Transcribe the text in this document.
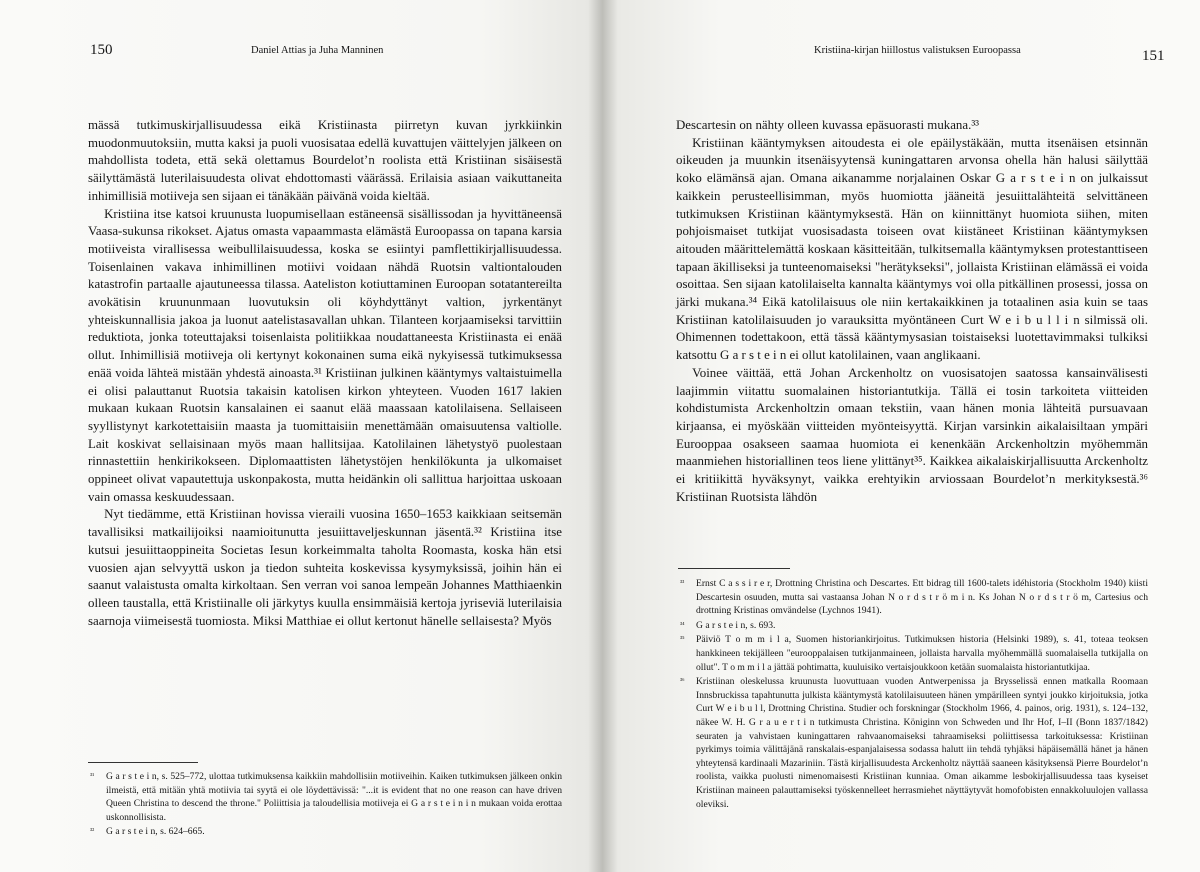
150	Daniel Attias ja Juha Manninen

mässä tutkimuskirjallisuudessa eikä Kristiinasta piirretyn kuvan jyrkkiinkin muodonmuutoksiin, mutta kaksi ja puoli vuosisataa edellä kuvattujen väittelyjen jälkeen on mahdollista todeta, että sekä olettamus Bourdelot’n roolista että Kristiinan sisäisestä säilyttämästä luterilaisuudesta olivat ehdottomasti väärässä. Erilaisia asiaan vaikuttaneita inhimillisiä motiiveja sen sijaan ei tänäkään päivänä voida kieltää.

Kristiina itse katsoi kruunusta luopumisellaan estäneensä sisällissodan ja hyvittäneensä Vaasa-sukunsa rikokset. Ajatus omasta vapaammasta elämästä Euroopassa on tapana karsia motiiveista virallisessa weibullilaisuudessa, koska se esiintyi pamflettikirjallisuudessa. Toisenlainen vakava inhimillinen motiivi voidaan nähdä Ruotsin valtiontalouden katastrofin partaalle ajautuneessa tilassa. Aateliston kotiuttaminen Euroopan sotatantereilta avokätisin kruununmaan luovutuksin oli köyhdyttänyt valtion, jyrkentänyt yhteiskunnallisia jakoa ja luonut aatelistasavallan uhkan. Tilanteen korjaamiseksi tarvittiin reduktiota, jonka toteuttajaksi toisenlaista politiikkaa noudattaneesta Kristiinasta ei enää ollut. Inhimillisiä motiiveja oli kertynyt kokonainen suma eikä nykyisessä tutkimuksessa enää voida lähteä mistään yhdestä ainoasta.³¹ Kristiinan julkinen kääntymys valtaistuimella ei olisi palauttanut Ruotsia takaisin katolisen kirkon yhteyteen. Vuoden 1617 lakien mukaan kukaan Ruotsin kansalainen ei saanut elää maassaan katolilaisena. Sellaiseen syyllistynyt karkotettaisiin maasta ja tuomittaisiin menettämään omaisuutensa valtiolle. Lait koskivat sellaisinaan myös maan hallitsijaa. Katolilainen lähetystyö puolestaan rinnastettiin henkirikokseen. Diplomaattisten lähetystöjen henkilökunta ja ulkomaiset oppineet olivat vapautettuja uskonpakosta, mutta heidänkin oli sallittua harjoittaa uskoaan vain omassa keskuudessaan.

Nyt tiedämme, että Kristiinan hovissa vieraili vuosina 1650–1653 kaikkiaan seitsemän tavallisiksi matkailijoiksi naamioitunutta jesuiittaveljeskunnan jäsentä.³² Kristiina itse kutsui jesuiittaoppineita Societas Iesun korkeimmalta taholta Roomasta, koska hän etsi vuosien ajan selvyyttä uskon ja tiedon suhteita koskevissa kysymyksissä, joihin hän ei saanut valaistusta omalta kirkoltaan. Sen verran voi sanoa lempeän Johannes Matthiaenkin olleen taustalla, että Kristiinalle oli järkytys kuulla ensimmäisiä kertoja jyriseviä luterilaisia saarnoja viimeisestä tuomiosta. Miksi Matthiae ei ollut kertonut hänelle sellaisesta? Myös

³¹ G a r s t e i n, s. 525–772, ulottaa tutkimuksensa kaikkiin mahdollisiin motiiveihin. Kaiken tutkimuksen jälkeen onkin ilmeistä, että mitään yhtä motiivia tai syytä ei ole löydettävissä: "...it is evident that no one reason can have driven Queen Christina to descend the throne." Poliittisia ja taloudellisia motiiveja ei G a r s t e i n i n mukaan voida erottaa uskonnollisista.
³² G a r s t e i n, s. 624–665.
Kristiina-kirjan hiillostus valistuksen Euroopassa	151

Descartesin on nähty olleen kuvassa epäsuorasti mukana.³³

Kristiinan kääntymyksen aitoudesta ei ole epäilystäkään, mutta itsenäisen etsinnän oikeuden ja muunkin itsenäisyytensä kuningattaren arvonsa ohella hän halusi säilyttää koko elämänsä ajan. Omana aikanamme norjalainen Oskar G a r s t e i n on julkaissut kaikkein perusteellisimman, myös huomiotta jääneitä jesuiittalähteitä selvittäneen tutkimuksen Kristiinan kääntymyksestä. Hän on kiinnittänyt huomiota siihen, miten pohjoismaiset tutkijat vuosisadasta toiseen ovat kiistäneet Kristiinan kääntymyksen aitouden määrittelemättä koskaan käsitteitään, tulkitsemalla kääntymyksen protestanttiseen tapaan äkilliseksi ja tunteenomaiseksi "herätykseksi", jollaista Kristiinan elämässä ei voida osoittaa. Sen sijaan katolilaiselta kannalta kääntymys voi olla pitkällinen prosessi, jossa on järki mukana.³⁴ Eikä katolilaisuus ole niin kertakaikkinen ja totaalinen asia kuin se taas Kristiinan katolilaisuuden jo varauksitta myöntäneen Curt W e i b u l l i n silmissä oli. Ohimennen todettakoon, että tässä kääntymysasian toistaiseksi luotettavimmaksi tulkiksi katsottu G a r s t e i n ei ollut katolilainen, vaan anglikaani.

Voinee väittää, että Johan Arckenholtz on vuosisatojen saatossa kansainvälisesti laajimmin viitattu suomalainen historiantutkija. Tällä ei tosin tarkoiteta viitteiden kohdistumista Arckenholtzin omaan tekstiin, vaan hänen monia lähteitä pursuavaan kirjaansa, ei myöskään viitteiden myönteisyyttä. Kirjan varsinkin aikalaisiltaan ympäri Eurooppaa osakseen saamaa huomiota ei kenenkään Arckenholtzin myöhemmän maanmiehen historiallinen teos liene ylittänyt³⁵. Kaikkea aikalaiskirjallisuutta Arckenholtz ei kritiikittä hyväksynyt, vaikka erehtyikin arviossaan Bourdelot’n merkityksestä.³⁶ Kristiinan Ruotsista lähdön

³³ Ernst C a s s i r e r, Drottning Christina och Descartes. Ett bidrag till 1600-talets idéhistoria (Stockholm 1940) kiisti Descartesin osuuden, mutta sai vastaansa Johan N o r d s t r ö m i n. Ks Johan N o r d s t r ö m, Cartesius och drottning Kristinas omvändelse (Lychnos 1941).
³⁴ G a r s t e i n, s. 693.
³⁵ Päiviö T o m m i l a, Suomen historiankirjoitus. Tutkimuksen historia (Helsinki 1989), s. 41, toteaa teoksen hankkineen tekijälleen "eurooppalaisen tutkijanmaineen, jollaista harvalla myöhemmällä suomalaisella tutkijalla on ollut". T o m m i l a jättää pohtimatta, kuuluisiko vertaisjoukkoon ketään suomalaista historiantutkijaa.
³⁶ Kristiinan oleskelussa kruunusta luovuttuaan vuoden Antwerpenissa ja Brysselissä ennen matkalla Roomaan Innsbruckissa tapahtunutta julkista kääntymystä katolilaisuuteen hänen ympärilleen syntyi joukko kirjoituksia, jotka Curt W e i b u l l, Drottning Christina. Studier och forskningar (Stockholm 1966, 4. painos, orig. 1931), s. 124–132, näkee W. H. G r a u e r t i n tutkimusta Christina. Königinn von Schweden und Ihr Hof, I–II (Bonn 1837/1842) seuraten ja vahvistaen kuningattaren rahvaanomaiseksi tahraamiseksi poliittisessa tarkoituksessa: Kristiinan pyrkimys toimia välittäjänä ranskalais-espanjalaisessa sodassa halutt iin tehdä tyhjäksi häpäisemällä hänet ja hänen yhteytensä kardinaali Mazariniin. Tästä kirjallisuudesta Arckenholtz näyttää saaneen käsityksensä Pierre Bourdelot’n roolista, vaikka puolusti nimenomaisesti Kristiinan kunniaa. Oman aikamme lesbokirjallisuudessa taas kyseiset Kristiinan maineen palauttamiseksi työskennelleet herrasmiehet näyttäytyvät homofobisten ennakkoluulojen vallassa oleviksi.
